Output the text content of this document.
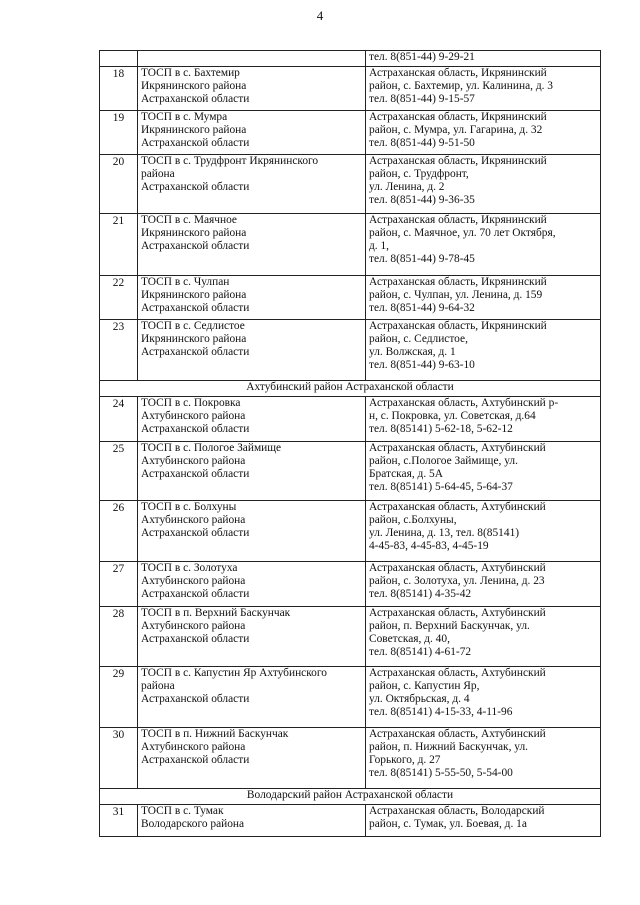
4
		тел. 8(851-44) 9-29-21
18	ТОСП в с. Бахтемир
Икрянинского района
Астраханской области	Астраханская область, Икрянинский
район, с. Бахтемир, ул. Калинина, д. 3
тел. 8(851-44) 9-15-57
19	ТОСП в с. Мумра
Икрянинского района
Астраханской области	Астраханская область, Икрянинский
район, с. Мумра, ул. Гагарина, д. 32
тел. 8(851-44) 9-51-50
20	ТОСП в с. Трудфронт Икрянинского
района
Астраханской области	Астраханская область, Икрянинский
район, с. Трудфронт,
ул. Ленина, д. 2
тел. 8(851-44) 9-36-35
21	ТОСП в с. Маячное
Икрянинского района
Астраханской области	Астраханская область, Икрянинский
район, с. Маячное, ул. 70 лет Октября,
д. 1,
тел. 8(851-44) 9-78-45
22	ТОСП в с. Чулпан
Икрянинского района
Астраханской области	Астраханская область, Икрянинский
район, с. Чулпан, ул. Ленина, д. 159
тел. 8(851-44) 9-64-32
23	ТОСП в с. Седлистое
Икрянинского района
Астраханской области	Астраханская область, Икрянинский
район, с. Седлистое,
ул. Волжская, д. 1
тел. 8(851-44) 9-63-10
Ахтубинский район Астраханской области		
24	ТОСП в с. Покровка
Ахтубинского района
Астраханской области	Астраханская область, Ахтубинский р-
н, с. Покровка, ул. Советская, д.64
тел. 8(85141) 5-62-18, 5-62-12
25	ТОСП в с. Пологое Займище
Ахтубинского района
Астраханской области	Астраханская область, Ахтубинский
район, с.Пологое Займище, ул.
Братская, д. 5А
тел. 8(85141) 5-64-45, 5-64-37
26	ТОСП в с. Болхуны
Ахтубинского района
Астраханской области	Астраханская область, Ахтубинский
район, с.Болхуны,
ул. Ленина, д. 13, тел. 8(85141)
4-45-83, 4-45-83, 4-45-19
27	ТОСП в с. Золотуха
Ахтубинского района
Астраханской области	Астраханская область, Ахтубинский
район, с. Золотуха, ул. Ленина, д. 23
тел. 8(85141) 4-35-42
28	ТОСП в п. Верхний Баскунчак
Ахтубинского района
Астраханской области	Астраханская область, Ахтубинский
район, п. Верхний Баскунчак, ул.
Советская, д. 40,
тел. 8(85141) 4-61-72
29	ТОСП в с. Капустин Яр Ахтубинского
района
Астраханской области	Астраханская область, Ахтубинский
район, с. Капустин Яр,
ул. Октябрьская, д. 4
тел. 8(85141) 4-15-33, 4-11-96
30	ТОСП в п. Нижний Баскунчак
Ахтубинского района
Астраханской области	Астраханская область, Ахтубинский
район, п. Нижний Баскунчак, ул.
Горького, д. 27
тел. 8(85141) 5-55-50, 5-54-00
Володарский район Астраханской области		
31	ТОСП в с. Тумак
Володарского района	Астраханская область, Володарский
район, с. Тумак, ул. Боевая, д. 1а
